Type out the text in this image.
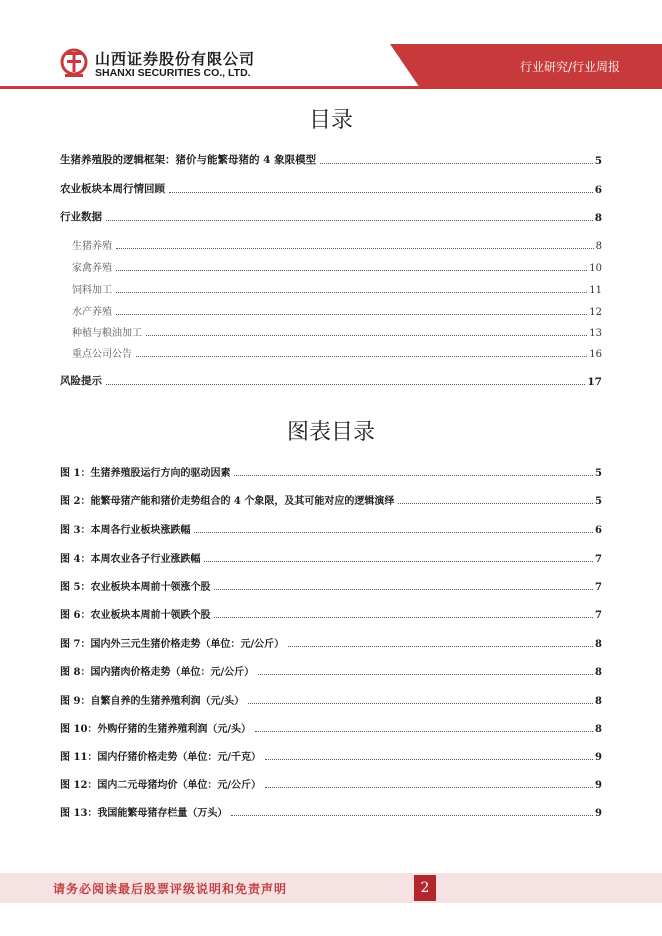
行业研究/行业周报
山西证券股份有限公司
SHANXI SECURITIES CO., LTD.
目录
生猪养殖股的逻辑框架：猪价与能繁母猪的 4 象限模型	5
农业板块本周行情回顾	6
行业数据	8
生猪养殖	8
家禽养殖	10
饲料加工	11
水产养殖	12
种植与粮油加工	13
重点公司公告	16
风险提示	17
图表目录
图 1：生猪养殖股运行方向的驱动因素	5
图 2：能繁母猪产能和猪价走势组合的 4 个象限，及其可能对应的逻辑演绎	5
图 3：本周各行业板块涨跌幅	6
图 4：本周农业各子行业涨跌幅	7
图 5：农业板块本周前十领涨个股	7
图 6：农业板块本周前十领跌个股	7
图 7：国内外三元生猪价格走势（单位：元/公斤）	8
图 8：国内猪肉价格走势（单位：元/公斤）	8
图 9：自繁自养的生猪养殖利润（元/头）	8
图 10：外购仔猪的生猪养殖利润（元/头）	8
图 11：国内仔猪价格走势（单位：元/千克）	9
图 12：国内二元母猪均价（单位：元/公斤）	9
图 13：我国能繁母猪存栏量（万头）	9
请务必阅读最后股票评级说明和免责声明	2
